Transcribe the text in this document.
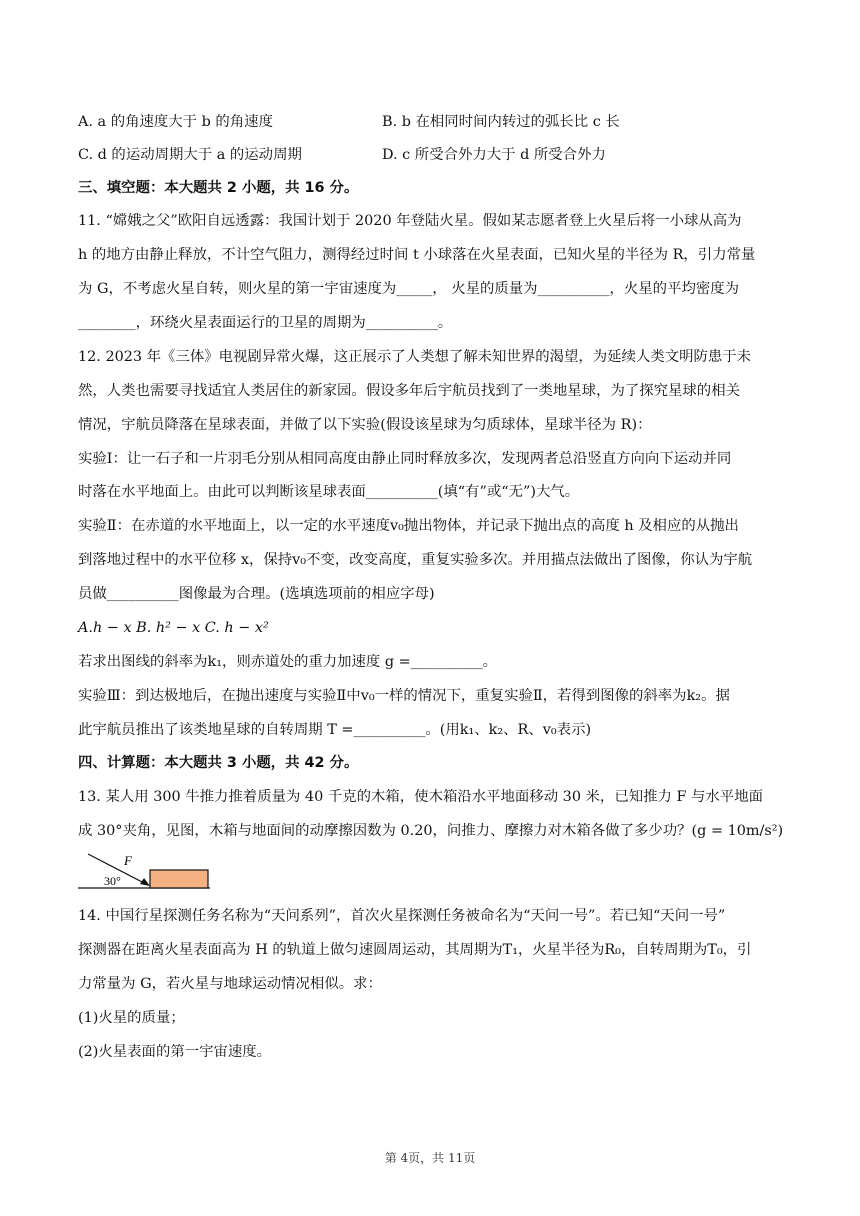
A. a 的角速度大于 b 的角速度	B. b 在相同时间内转过的弧长比 c 长
C. d 的运动周期大于 a 的运动周期	D. c 所受合外力大于 d 所受合外力
三、填空题：本大题共 2 小题，共 16 分。
11. “嫦娥之父”欧阳自远透露：我国计划于 2020 年登陆火星。假如某志愿者登上火星后将一小球从高为
h 的地方由静止释放，不计空气阻力，测得经过时间 t 小球落在火星表面，已知火星的半径为 R，引力常量
为 G，不考虑火星自转，则火星的第一宇宙速度为_____， 火星的质量为__________，火星的平均密度为
________，环绕火星表面运行的卫星的周期为__________。
12. 2023 年《三体》电视剧异常火爆，这正展示了人类想了解未知世界的渴望，为延续人类文明防患于未
然，人类也需要寻找适宜人类居住的新家园。假设多年后宇航员找到了一类地星球，为了探究星球的相关
情况，宇航员降落在星球表面，并做了以下实验(假设该星球为匀质球体，星球半径为 R)：
实验Ⅰ：让一石子和一片羽毛分别从相同高度由静止同时释放多次，发现两者总沿竖直方向向下运动并同
时落在水平地面上。由此可以判断该星球表面__________(填“有”或“无”)大气。
实验Ⅱ：在赤道的水平地面上，以一定的水平速度v₀抛出物体，并记录下抛出点的高度 h 及相应的从抛出
到落地过程中的水平位移 x，保持v₀不变，改变高度，重复实验多次。并用描点法做出了图像，你认为宇航
员做__________图像最为合理。(选填选项前的相应字母)
A.h − x B. h² − x C. h − x²
若求出图线的斜率为k₁，则赤道处的重力加速度 g =__________。
实验Ⅲ：到达极地后，在抛出速度与实验Ⅱ中v₀一样的情况下，重复实验Ⅱ，若得到图像的斜率为k₂。据
此宇航员推出了该类地星球的自转周期 T =__________。(用k₁、k₂、R、v₀表示)
四、计算题：本大题共 3 小题，共 42 分。
13. 某人用 300 牛推力推着质量为 40 千克的木箱，使木箱沿水平地面移动 30 米，已知推力 F 与水平地面
成 30°夹角，见图，木箱与地面间的动摩擦因数为 0.20，问推力、摩擦力对木箱各做了多少功？(g = 10m/s²)
F
30°
14. 中国行星探测任务名称为“天问系列”，首次火星探测任务被命名为“天问一号”。若已知“天问一号”
探测器在距离火星表面高为 H 的轨道上做匀速圆周运动，其周期为T₁，火星半径为R₀，自转周期为T₀，引
力常量为 G，若火星与地球运动情况相似。求：
(1)火星的质量；
(2)火星表面的第一宇宙速度。
第 4页，共 11页
